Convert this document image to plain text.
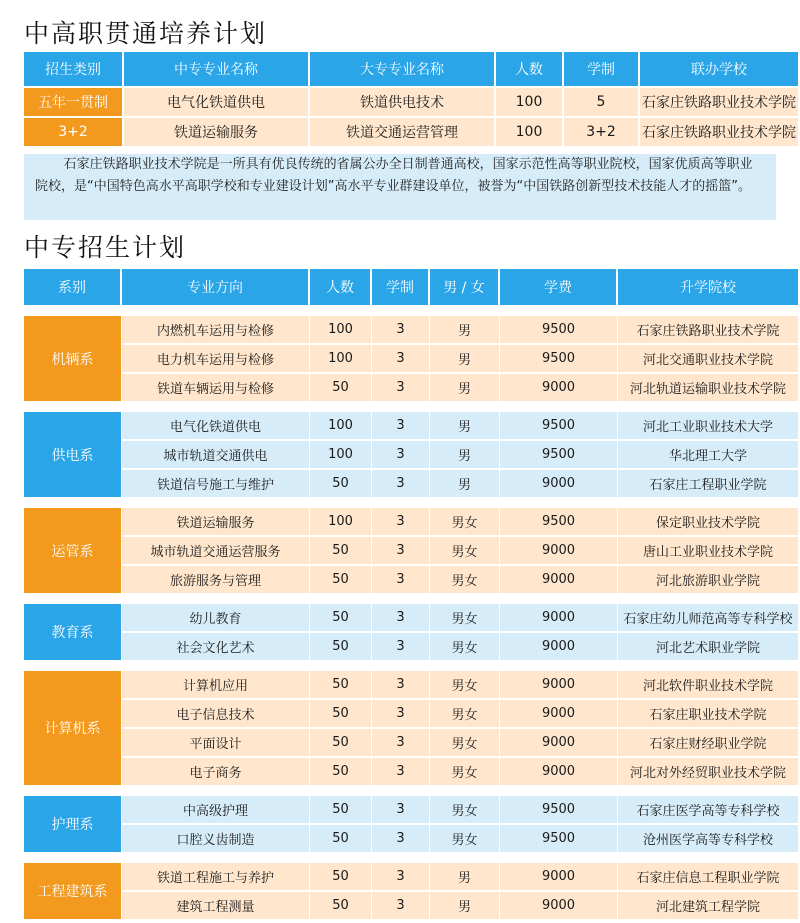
中高职贯通培养计划
招生类别	中专专业名称	大专专业名称	人数	学制	联办学校
五年一贯制	电气化铁道供电	铁道供电技术	100	5	石家庄铁路职业技术学院
3+2	铁道运输服务	铁道交通运营管理	100	3+2	石家庄铁路职业技术学院
石家庄铁路职业技术学院是一所具有优良传统的省属公办全日制普通高校，国家示范性高等职业院校，国家优质高等职业院校，是“中国特色高水平高职学校和专业建设计划”高水平专业群建设单位，被誉为“中国铁路创新型技术技能人才的摇篮”。
中专招生计划
系别	专业方向	人数	学制	男 / 女	学费	升学院校

机辆系	内燃机车运用与检修	100	3	男	9500	石家庄铁路职业技术学院
	电力机车运用与检修	100	3	男	9500	河北交通职业技术学院
	铁道车辆运用与检修	50	3	男	9000	河北轨道运输职业技术学院

供电系	电气化铁道供电	100	3	男	9500	河北工业职业技术大学
	城市轨道交通供电	100	3	男	9500	华北理工大学
	铁道信号施工与维护	50	3	男	9000	石家庄工程职业学院

运管系	铁道运输服务	100	3	男女	9500	保定职业技术学院
	城市轨道交通运营服务	50	3	男女	9000	唐山工业职业技术学院
	旅游服务与管理	50	3	男女	9000	河北旅游职业学院

教育系	幼儿教育	50	3	男女	9000	石家庄幼儿师范高等专科学校
	社会文化艺术	50	3	男女	9000	河北艺术职业学院

计算机系	计算机应用	50	3	男女	9000	河北软件职业技术学院
	电子信息技术	50	3	男女	9000	石家庄职业技术学院
	平面设计	50	3	男女	9000	石家庄财经职业学院
	电子商务	50	3	男女	9000	河北对外经贸职业技术学院

护理系	中高级护理	50	3	男女	9500	石家庄医学高等专科学校
	口腔义齿制造	50	3	男女	9500	沧州医学高等专科学校

工程建筑系	铁道工程施工与养护	50	3	男	9000	石家庄信息工程职业学院
	建筑工程测量	50	3	男	9000	河北建筑工程学院
